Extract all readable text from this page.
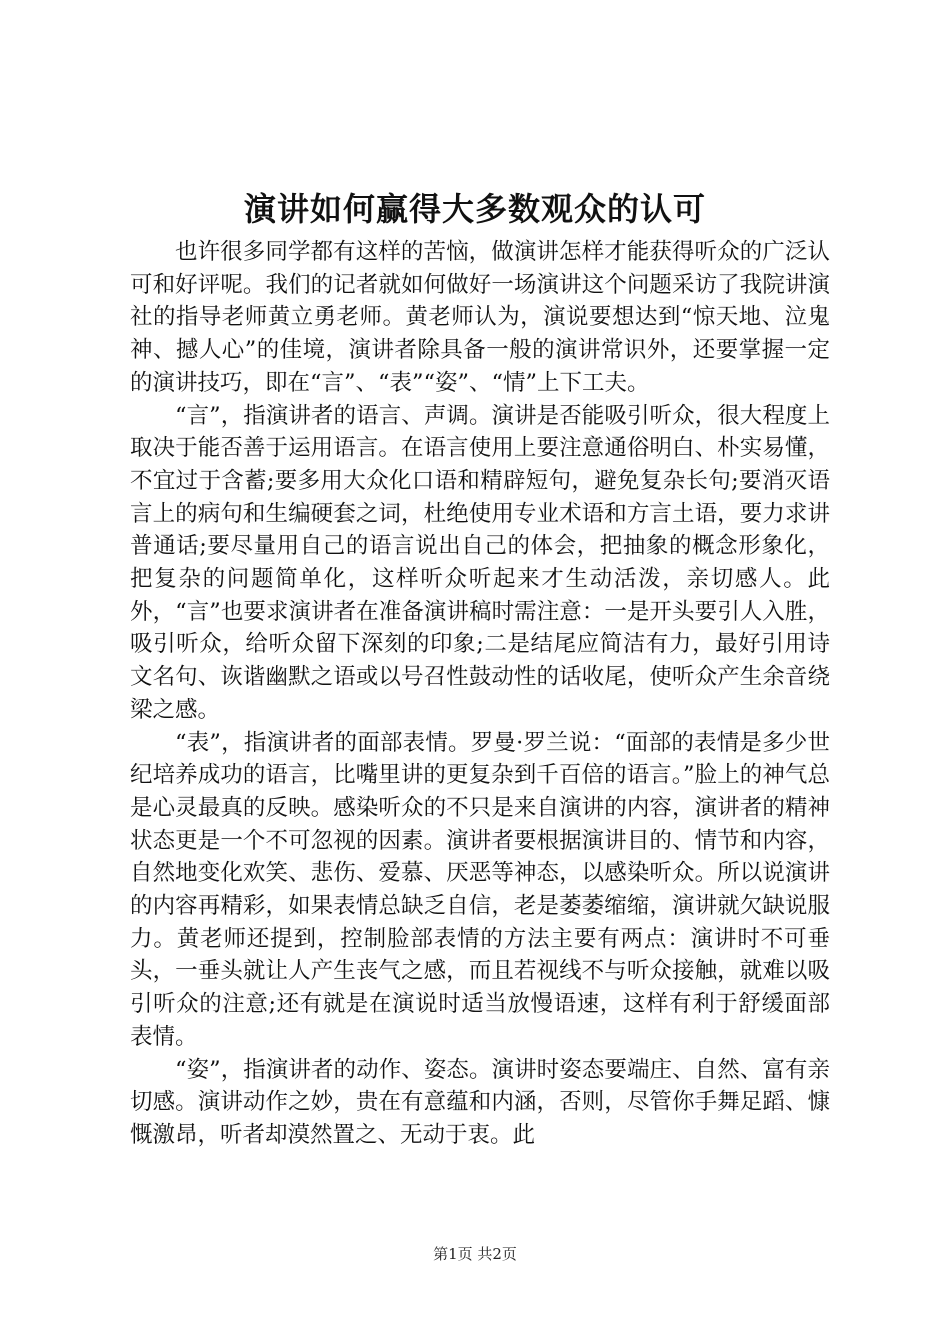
演讲如何赢得大多数观众的认可

也许很多同学都有这样的苦恼，做演讲怎样才能获得听众的广泛认可和好评呢。我们的记者就如何做好一场演讲这个问题采访了我院讲演社的指导老师黄立勇老师。黄老师认为，演说要想达到“惊天地、泣鬼神、撼人心”的佳境，演讲者除具备一般的演讲常识外，还要掌握一定的演讲技巧，即在“言”、“表”“姿”、“情”上下工夫。

“言”，指演讲者的语言、声调。演讲是否能吸引听众，很大程度上取决于能否善于运用语言。在语言使用上要注意通俗明白、朴实易懂，不宜过于含蓄;要多用大众化口语和精辟短句，避免复杂长句;要消灭语言上的病句和生编硬套之词，杜绝使用专业术语和方言土语，要力求讲普通话;要尽量用自己的语言说出自己的体会，把抽象的概念形象化，把复杂的问题简单化，这样听众听起来才生动活泼，亲切感人。此外，“言”也要求演讲者在准备演讲稿时需注意：一是开头要引人入胜，吸引听众，给听众留下深刻的印象;二是结尾应简洁有力，最好引用诗文名句、诙谐幽默之语或以号召性鼓动性的话收尾，使听众产生余音绕梁之感。

“表”，指演讲者的面部表情。罗曼·罗兰说：“面部的表情是多少世纪培养成功的语言，比嘴里讲的更复杂到千百倍的语言。”脸上的神气总是心灵最真的反映。感染听众的不只是来自演讲的内容，演讲者的精神状态更是一个不可忽视的因素。演讲者要根据演讲目的、情节和内容，自然地变化欢笑、悲伤、爱慕、厌恶等神态，以感染听众。所以说演讲的内容再精彩，如果表情总缺乏自信，老是萎萎缩缩，演讲就欠缺说服力。黄老师还提到，控制脸部表情的方法主要有两点：演讲时不可垂头，一垂头就让人产生丧气之感，而且若视线不与听众接触，就难以吸引听众的注意;还有就是在演说时适当放慢语速，这样有利于舒缓面部表情。

“姿”，指演讲者的动作、姿态。演讲时姿态要端庄、自然、富有亲切感。演讲动作之妙，贵在有意蕴和内涵，否则，尽管你手舞足蹈、慷慨激昂，听者却漠然置之、无动于衷。此

第1页 共2页
